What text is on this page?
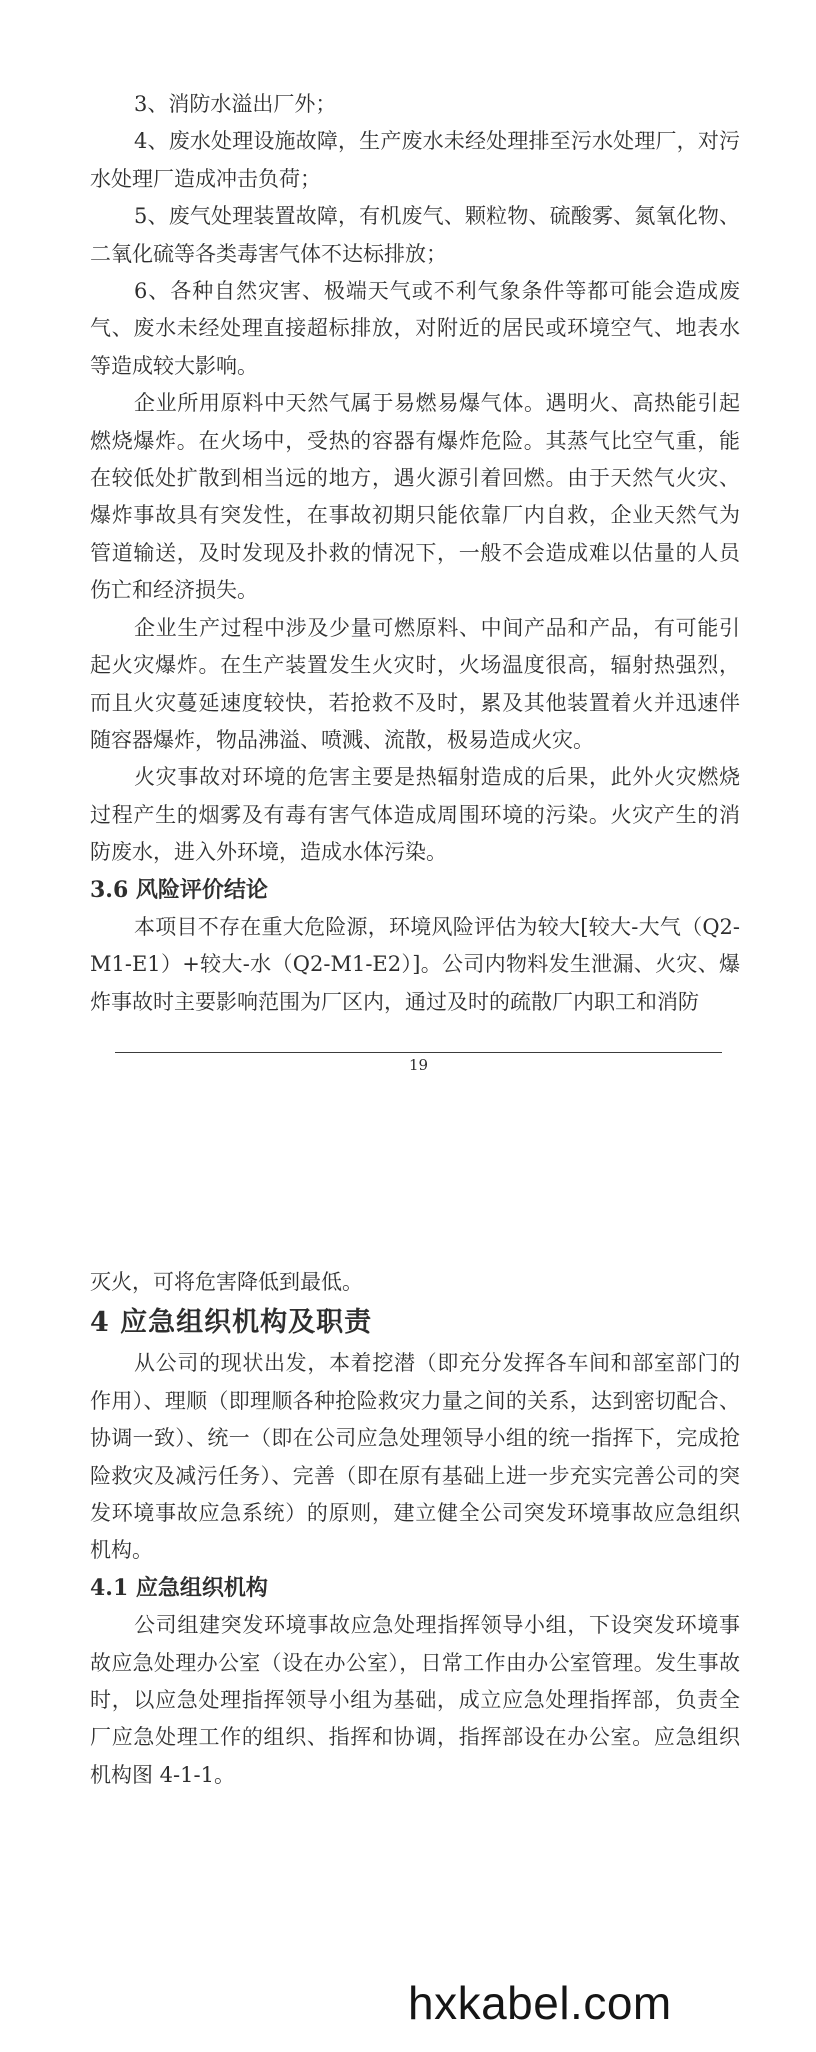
3、消防水溢出厂外；
4、废水处理设施故障，生产废水未经处理排至污水处理厂，对污水处理厂造成冲击负荷；
5、废气处理装置故障，有机废气、颗粒物、硫酸雾、氮氧化物、二氧化硫等各类毒害气体不达标排放；
6、各种自然灾害、极端天气或不利气象条件等都可能会造成废气、废水未经处理直接超标排放，对附近的居民或环境空气、地表水等造成较大影响。
企业所用原料中天然气属于易燃易爆气体。遇明火、高热能引起燃烧爆炸。在火场中，受热的容器有爆炸危险。其蒸气比空气重，能在较低处扩散到相当远的地方，遇火源引着回燃。由于天然气火灾、爆炸事故具有突发性，在事故初期只能依靠厂内自救，企业天然气为管道输送，及时发现及扑救的情况下，一般不会造成难以估量的人员伤亡和经济损失。
企业生产过程中涉及少量可燃原料、中间产品和产品，有可能引起火灾爆炸。在生产装置发生火灾时，火场温度很高，辐射热强烈，而且火灾蔓延速度较快，若抢救不及时，累及其他装置着火并迅速伴随容器爆炸，物品沸溢、喷溅、流散，极易造成火灾。
火灾事故对环境的危害主要是热辐射造成的后果，此外火灾燃烧过程产生的烟雾及有毒有害气体造成周围环境的污染。火灾产生的消防废水，进入外环境，造成水体污染。
3.6 风险评价结论
本项目不存在重大危险源，环境风险评估为较大[较大-大气（Q2-M1-E1）+较大-水（Q2-M1-E2）]。公司内物料发生泄漏、火灾、爆炸事故时主要影响范围为厂区内，通过及时的疏散厂内职工和消防
19
灭火，可将危害降低到最低。
4 应急组织机构及职责
从公司的现状出发，本着挖潜（即充分发挥各车间和部室部门的作用）、理顺（即理顺各种抢险救灾力量之间的关系，达到密切配合、协调一致）、统一（即在公司应急处理领导小组的统一指挥下，完成抢险救灾及减污任务）、完善（即在原有基础上进一步充实完善公司的突发环境事故应急系统）的原则，建立健全公司突发环境事故应急组织机构。
4.1 应急组织机构
公司组建突发环境事故应急处理指挥领导小组，下设突发环境事故应急处理办公室（设在办公室），日常工作由办公室管理。发生事故时，以应急处理指挥领导小组为基础，成立应急处理指挥部，负责全厂应急处理工作的组织、指挥和协调，指挥部设在办公室。应急组织机构图 4-1-1。
hxkabel.com
